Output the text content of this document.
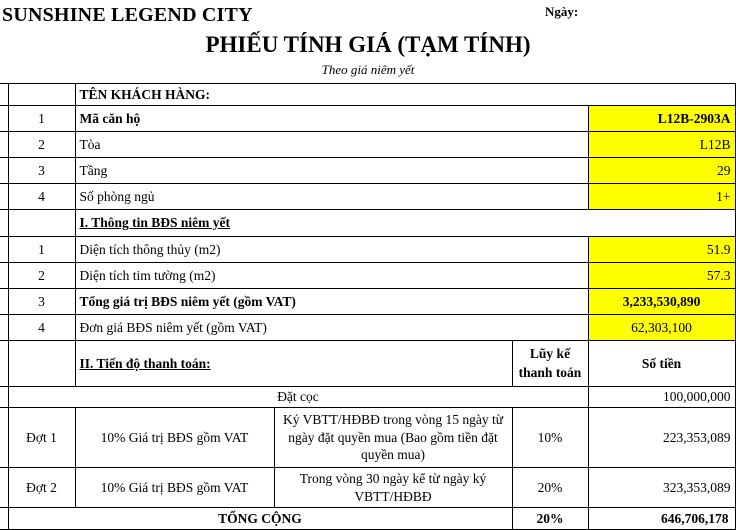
SUNSHINE LEGEND CITY	Ngày:
PHIẾU TÍNH GIÁ (TẠM TÍNH)
Theo giá niêm yết
		TÊN KHÁCH HÀNG:			
	1	Mã căn hộ			L12B-2903A
	2	Tòa			L12B
	3	Tầng			29
	4	Số phòng ngủ			1+
		I. Thông tin BĐS niêm yết			
	1	Diện tích thông thủy (m2)			51.9
	2	Diện tích tim tường (m2)			57.3
	3	Tổng giá trị BĐS niêm yết (gồm VAT)			3,233,530,890
	4	Đơn giá BĐS niêm yết (gồm VAT)			62,303,100
		II. Tiến độ thanh toán:		Lũy kế thanh toán	Số tiền
	Đặt cọc				100,000,000
	Đợt 1	10% Giá trị BĐS gồm VAT	Ký VBTT/HĐBĐ trong vòng 15 ngày từ ngày đặt quyền mua (Bao gồm tiền đặt quyền mua)	10%	223,353,089
	Đợt 2	10% Giá trị BĐS gồm VAT	Trong vòng 30 ngày kể từ ngày ký VBTT/HĐBĐ	20%	323,353,089
	TỔNG CỘNG			20%	646,706,178
